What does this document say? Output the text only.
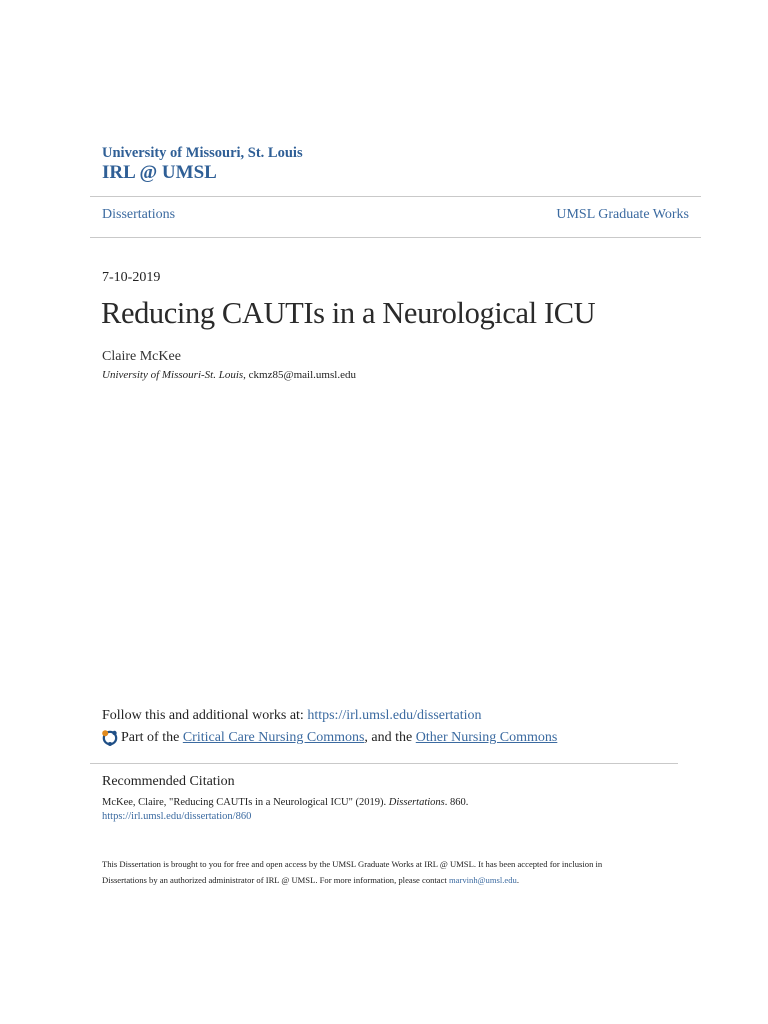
University of Missouri, St. Louis
IRL @ UMSL
Dissertations	UMSL Graduate Works
7-10-2019
Reducing CAUTIs in a Neurological ICU
Claire McKee
University of Missouri-St. Louis, ckmz85@mail.umsl.edu
Follow this and additional works at: https://irl.umsl.edu/dissertation
Part of the
Critical Care Nursing Commons , and the
Other Nursing Commons
Recommended Citation
McKee, Claire, "Reducing CAUTIs in a Neurological ICU" (2019). Dissertations. 860.
https://irl.umsl.edu/dissertation/860
This Dissertation is brought to you for free and open access by the UMSL Graduate Works at IRL @ UMSL. It has been accepted for inclusion in
Dissertations by an authorized administrator of IRL @ UMSL. For more information, please contact marvinh@umsl.edu.
